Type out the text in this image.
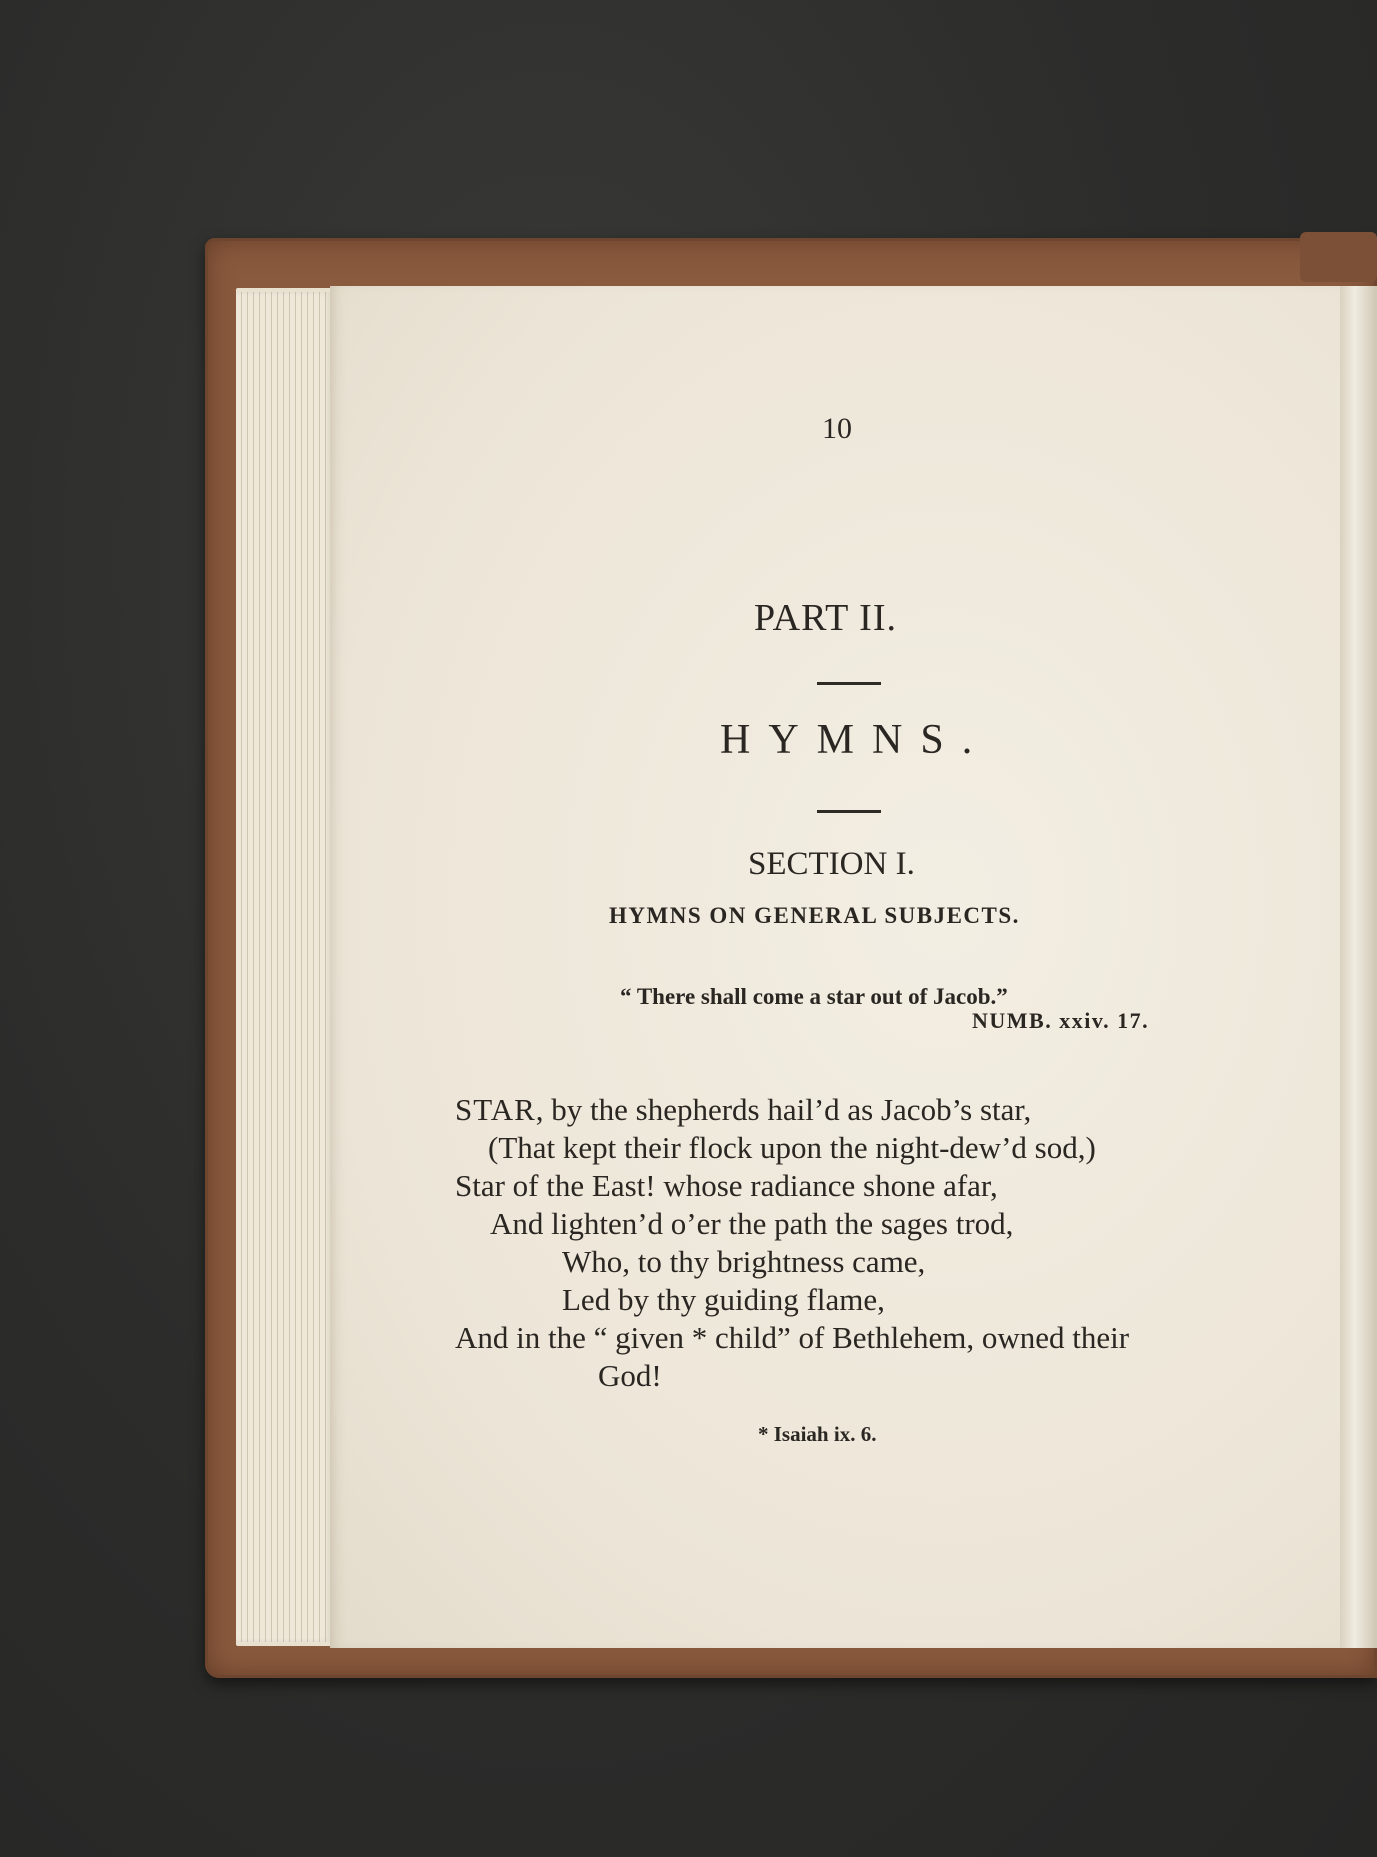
10
PART II.
HYMNS.
SECTION I.
HYMNS ON GENERAL SUBJECTS.
“ There shall come a star out of Jacob.”
NUMB. xxiv. 17.
STAR, by the shepherds hail’d as Jacob’s star,
(That kept their flock upon the night-dew’d sod,)
Star of the East! whose radiance shone afar,
And lighten’d o’er the path the sages trod,
Who, to thy brightness came,
Led by thy guiding flame,
And in the “ given * child” of Bethlehem, owned their
God!
* Isaiah ix. 6.
